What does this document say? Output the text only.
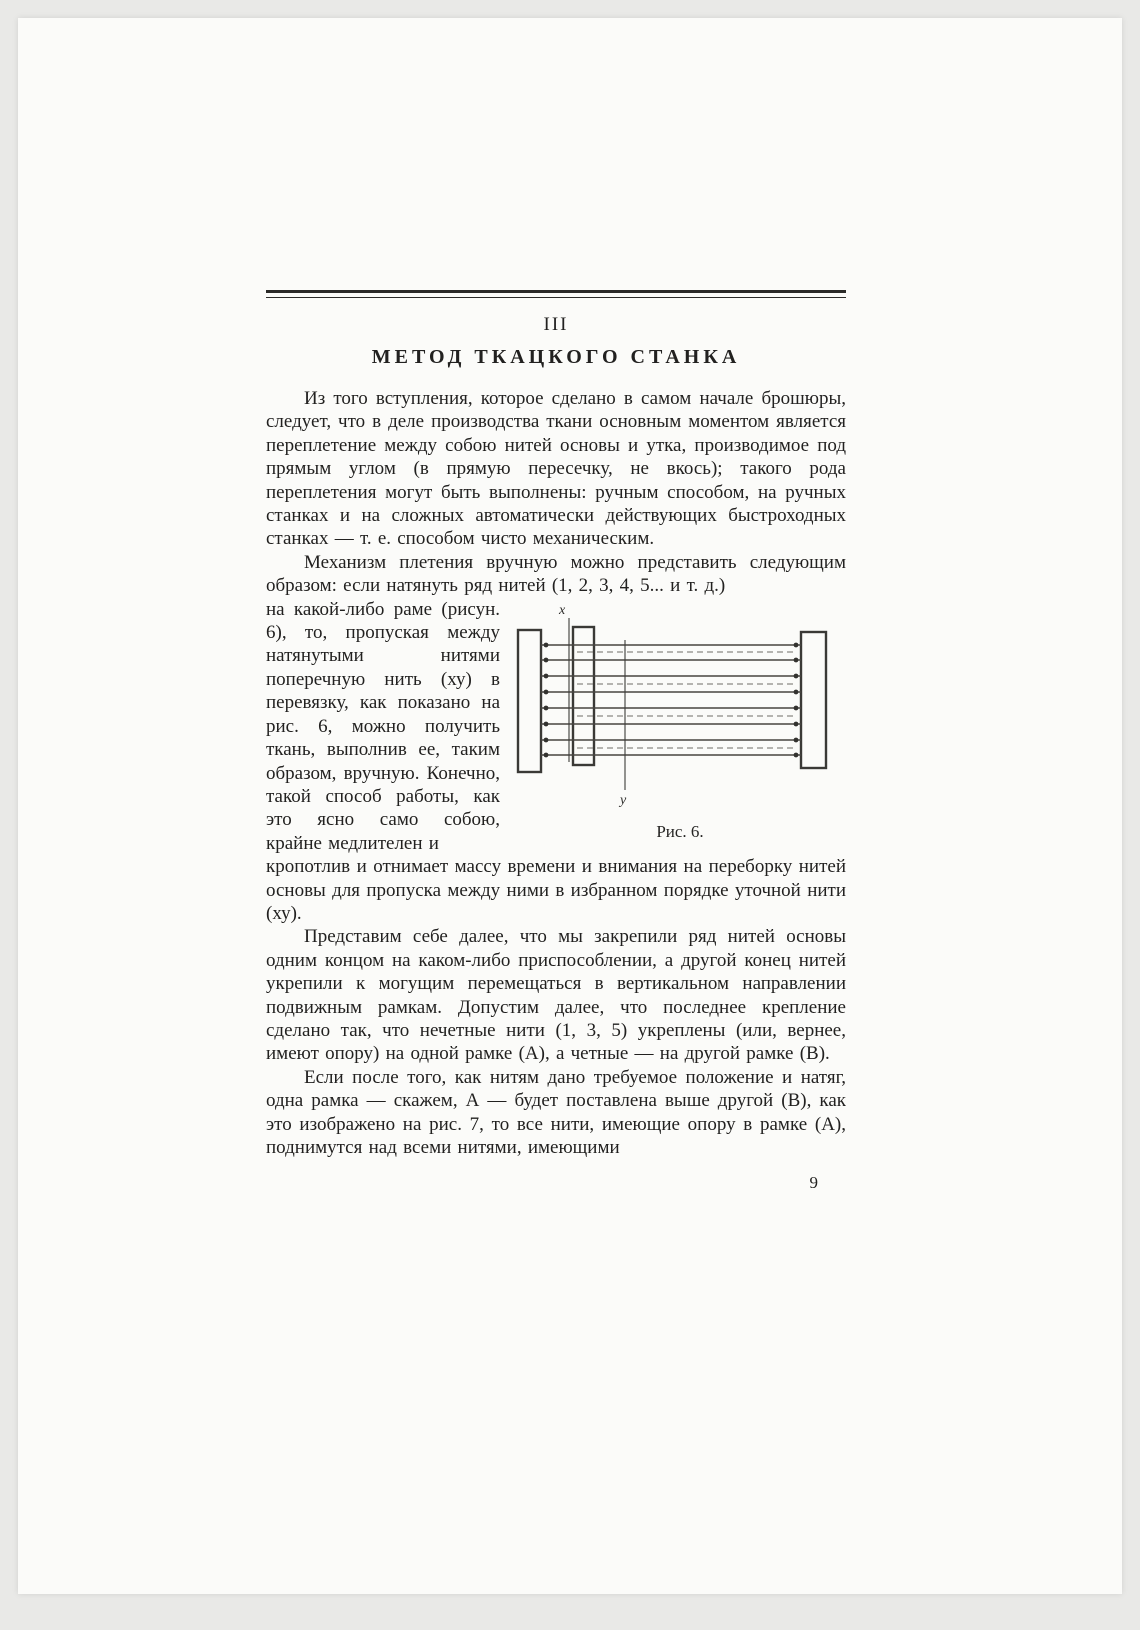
III

МЕТОД ТКАЦКОГО СТАНКА

Из того вступления, которое сделано в самом начале брошюры, следует, что в деле производства ткани основным моментом является переплетение между собою нитей основы и утка, производимое под прямым углом (в прямую пересечку, не вкось); такого рода переплетения могут быть выполнены: ручным способом, на ручных станках и на сложных автоматически действующих быстроходных станках — т. е. способом чисто механическим.

Механизм плетения вручную можно представить следующим образом: если натянуть ряд нитей (1, 2, 3, 4, 5... и т. д.)

x
y
Рис. 6.

на какой-либо раме (рисун. 6), то, пропуская между натянутыми нитями поперечную нить (ху) в перевязку, как показано на рис. 6, можно получить ткань, выполнив ее, таким образом, вручную. Конечно, такой способ работы, как это ясно само собою, крайне медлителен и

кропотлив и отнимает массу времени и внимания на переборку нитей основы для пропуска между ними в избранном порядке уточной нити (ху).

Представим себе далее, что мы закрепили ряд нитей основы одним концом на каком-либо приспособлении, а другой конец нитей укрепили к могущим перемещаться в вертикальном направлении подвижным рамкам. Допустим далее, что последнее крепление сделано так, что нечетные нити (1, 3, 5) укреплены (или, вернее, имеют опору) на одной рамке (А), а четные — на другой рамке (В).

Если после того, как нитям дано требуемое положение и натяг, одна рамка — скажем, А — будет поставлена выше другой (В), как это изображено на рис. 7, то все нити, имеющие опору в рамке (А), поднимутся над всеми нитями, имеющими

9
